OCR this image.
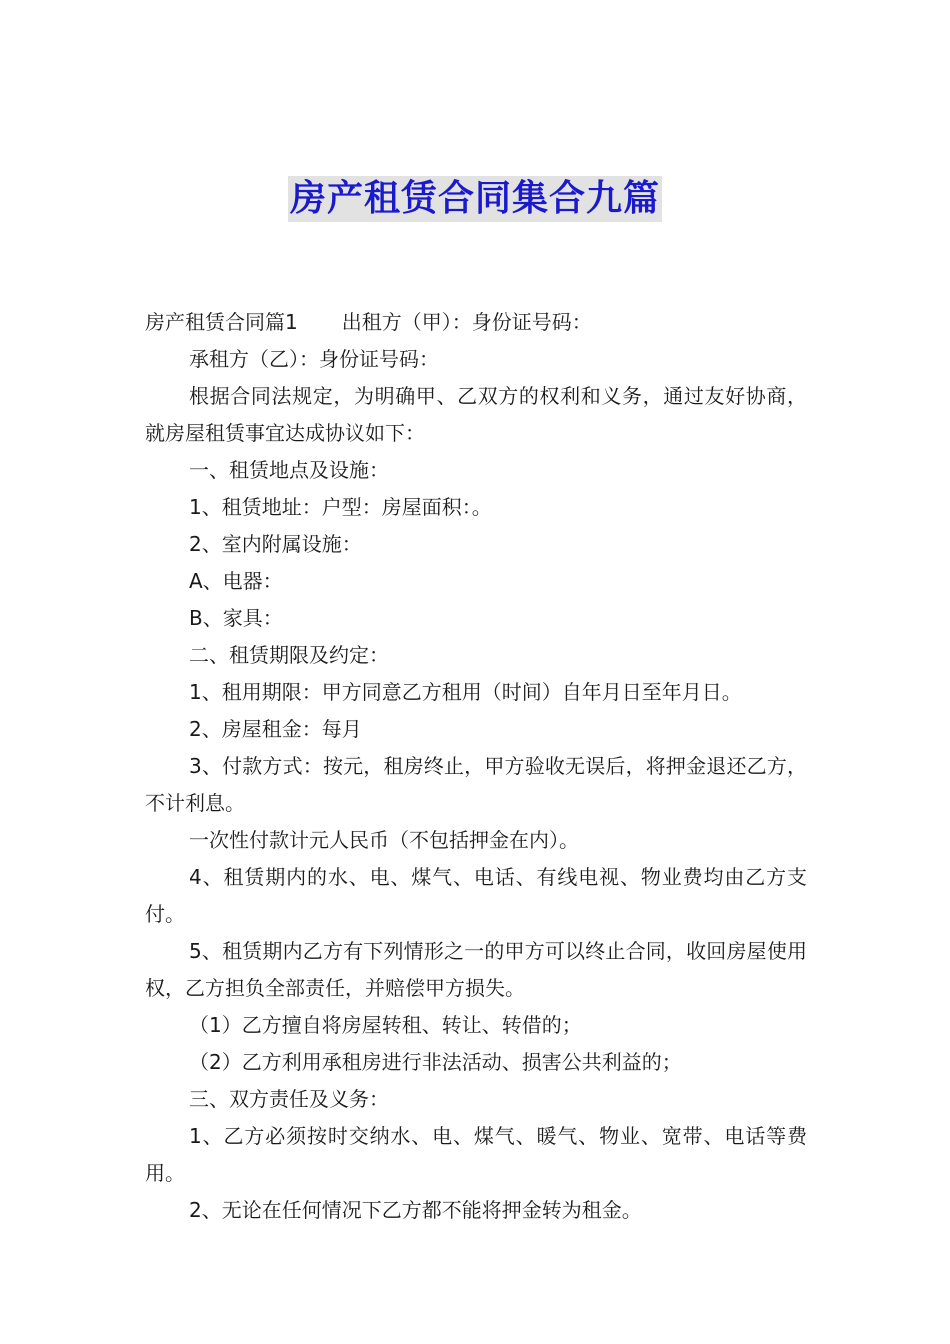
房产租赁合同集合九篇

房产租赁合同篇1 出租方（甲）：身份证号码：

承租方（乙）：身份证号码：

根据合同法规定，为明确甲、乙双方的权利和义务，通过友好协商，就房屋租赁事宜达成协议如下：

一、租赁地点及设施：

1、租赁地址：户型：房屋面积：。

2、室内附属设施：

A、电器：

B、家具：

二、租赁期限及约定：

1、租用期限：甲方同意乙方租用（时间）自年月日至年月日。

2、房屋租金：每月

3、付款方式：按元，租房终止，甲方验收无误后，将押金退还乙方，不计利息。

一次性付款计元人民币（不包括押金在内）。

4、租赁期内的水、电、煤气、电话、有线电视、物业费均由乙方支付。

5、租赁期内乙方有下列情形之一的甲方可以终止合同，收回房屋使用权，乙方担负全部责任，并赔偿甲方损失。

（1）乙方擅自将房屋转租、转让、转借的；

（2）乙方利用承租房进行非法活动、损害公共利益的；

三、双方责任及义务：

1、乙方必须按时交纳水、电、煤气、暖气、物业、宽带、电话等费用。

2、无论在任何情况下乙方都不能将押金转为租金。
